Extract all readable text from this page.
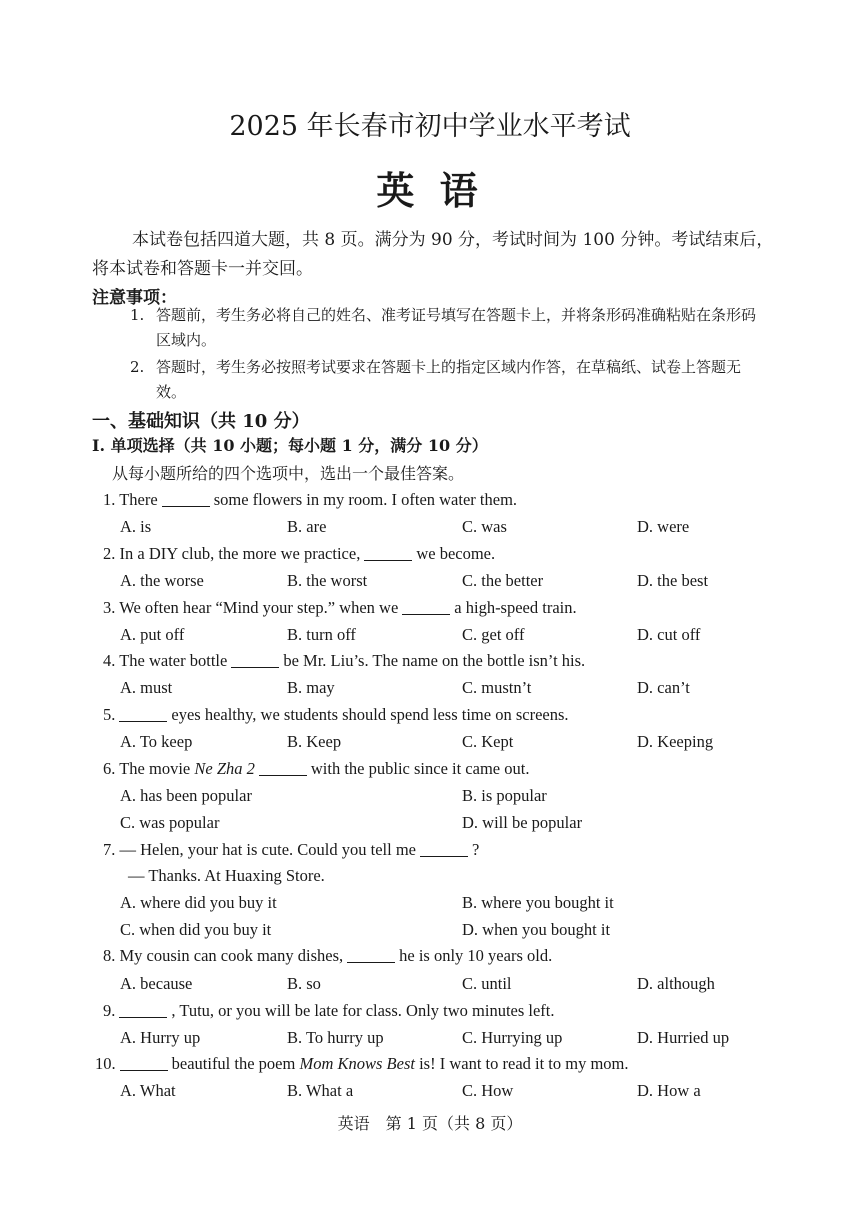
2025 年长春市初中学业水平考试
英 语
本试卷包括四道大题，共 8 页。满分为 90 分，考试时间为 100 分钟。考试结束后，将本试卷和答题卡一并交回。
注意事项：
1. 答题前，考生务必将自己的姓名、准考证号填写在答题卡上，并将条形码准确粘贴在条形码区域内。
2. 答题时，考生务必按照考试要求在答题卡上的指定区域内作答，在草稿纸、试卷上答题无效。
一、基础知识（共 10 分）
I. 单项选择（共 10 小题；每小题 1 分，满分 10 分）
从每小题所给的四个选项中，选出一个最佳答案。
1. There	some flowers in my room. I often water them.
A. is	B. are	C. was	D. were
2. In a DIY club, the more we practice,	we become.
A. the worse	B. the worst	C. the better	D. the best
3. We often hear “Mind your step.” when we	a high-speed train.
A. put off	B. turn off	C. get off	D. cut off
4. The water bottle	be Mr. Liu’s. The name on the bottle isn’t his.
A. must	B. may	C. mustn’t	D. can’t
5.	eyes healthy, we students should spend less time on screens.
A. To keep	B. Keep	C. Kept	D. Keeping
6. The movie Ne Zha 2	with the public since it came out.
A. has been popular	B. is popular
C. was popular	D. will be popular
7. — Helen, your hat is cute. Could you tell me	?
— Thanks. At Huaxing Store.
A. where did you buy it	B. where you bought it
C. when did you buy it	D. when you bought it
8. My cousin can cook many dishes,	he is only 10 years old.
A. because	B. so	C. until	D. although
9.	, Tutu, or you will be late for class. Only two minutes left.
A. Hurry up	B. To hurry up	C. Hurrying up	D. Hurried up
10.	beautiful the poem Mom Knows Best is! I want to read it to my mom.
A. What	B. What a	C. How	D. How a
英语　第 1 页（共 8 页）
